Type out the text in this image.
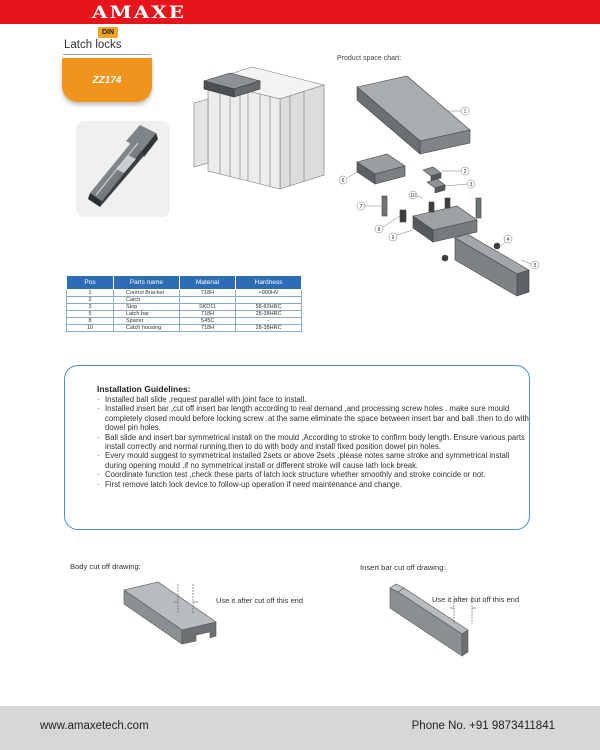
AMAXE
DIN
Latch locks
ZZ174
Product space chart:
1
2
3
4
5
6
7
8
9
10
Pos	Parts name	Material	Hardness
1	Control Bracket	718H	≈900HV
2	Catch		
3	Stop	SKD11	58-62HRC
5	Latch bar	718H	28-38HRC
8	Spacer	S45C	-
10	Catch housing	718H	28-38HRC
Installation Guidelines:
· Installed ball slide ,request parallel with joint face to install.
· Installed insert bar ,cut off insert bar length according to real demand ,and processing screw holes . make sure mould completely closed mould before locking screw .at the same eliminate the space between insert bar and ball .then to do with dowel pin holes.
· Ball slide and insert bar symmetrical install on the mould ,According to stroke to confirm body length. Ensure various parts install correctly and normal running,then to do with body and install fixed position dowel pin holes.
· Every mould suggest to symmetrical installed 2sets or above 2sets ,please notes same stroke and symmetrical install during opening mould ,if no symmetrical install or different stroke will cause lath lock break.
· Coordinate function test ,check these parts of latch lock structure whether smoothly and stroke coincide or not.
· First remove latch lock device to follow-up operation if need maintenance and change.
Body cut off drawing:	Insert bar cut off drawing：
Use it after cut off this end	Use it after cut off this end
www.amaxetech.com	Phone No. +91 9873411841
